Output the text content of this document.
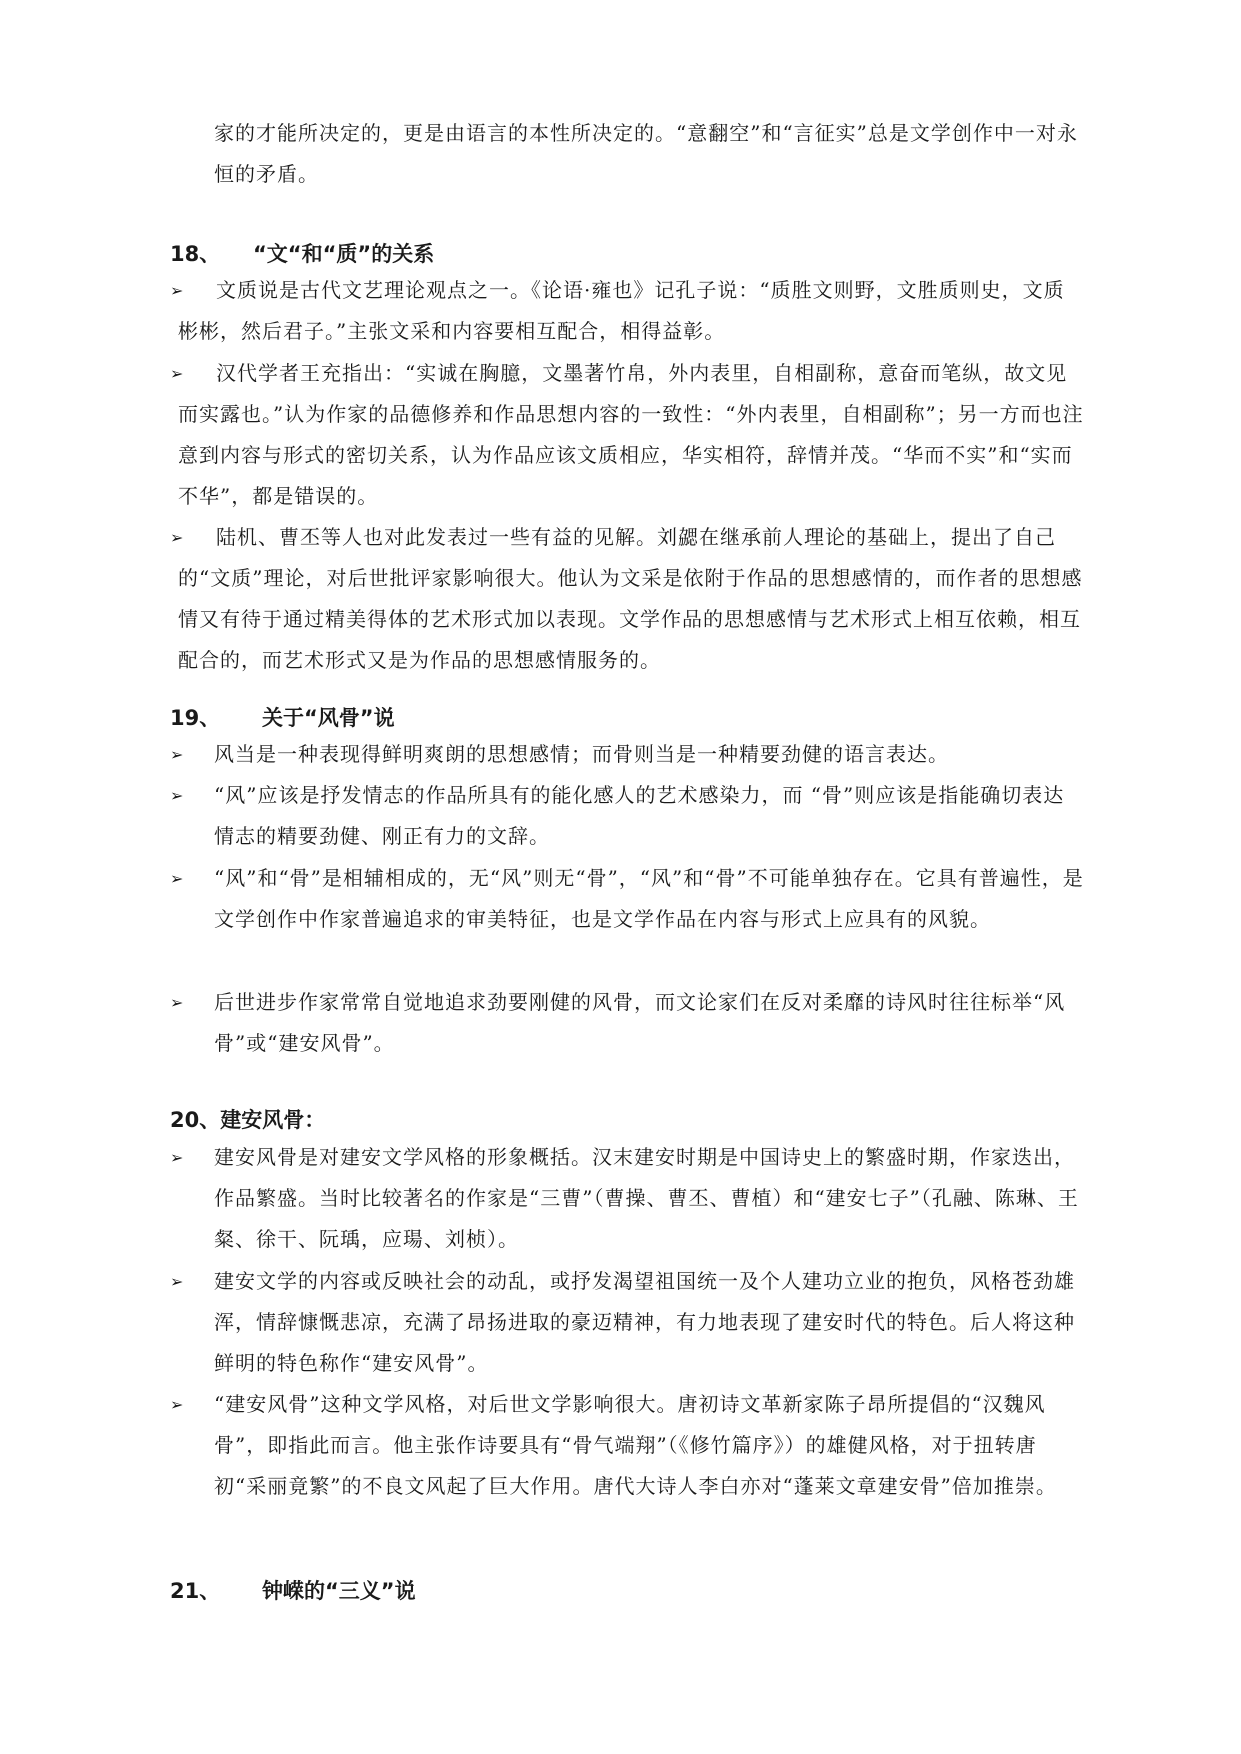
家的才能所决定的，更是由语言的本性所决定的。“意翻空”和“言征实”总是文学创作中一对永恒的矛盾。

18、 “文“和“质”的关系
➢	文质说是古代文艺理论观点之一。《论语·雍也》记孔子说：“质胜文则野，文胜质则史，文质彬彬，然后君子。”主张文采和内容要相互配合，相得益彰。
➢	汉代学者王充指出：“实诚在胸臆，文墨著竹帛，外内表里，自相副称，意奋而笔纵，故文见而实露也。”认为作家的品德修养和作品思想内容的一致性：“外内表里，自相副称”；另一方而也注意到内容与形式的密切关系，认为作品应该文质相应，华实相符，辞情并茂。“华而不实”和“实而不华”，都是错误的。
➢	陆机、曹丕等人也对此发表过一些有益的见解。刘勰在继承前人理论的基础上，提出了自己的“文质”理论，对后世批评家影响很大。他认为文采是依附于作品的思想感情的，而作者的思想感情又有待于通过精美得体的艺术形式加以表现。文学作品的思想感情与艺术形式上相互依赖，相互配合的，而艺术形式又是为作品的思想感情服务的。
19、 关于“风骨”说
➢ 风当是一种表现得鲜明爽朗的思想感情；而骨则当是一种精要劲健的语言表达。
➢ “风”应该是抒发情志的作品所具有的能化感人的艺术感染力，而 “骨”则应该是指能确切表达情志的精要劲健、刚正有力的文辞。
➢ “风”和“骨”是相辅相成的，无“风”则无“骨”，“风”和“骨”不可能单独存在。它具有普遍性，是文学创作中作家普遍追求的审美特征，也是文学作品在内容与形式上应具有的风貌。
➢ 后世进步作家常常自觉地追求劲要刚健的风骨，而文论家们在反对柔靡的诗风时往往标举“风骨”或“建安风骨”。
20、建安风骨：
➢ 建安风骨是对建安文学风格的形象概括。汉末建安时期是中国诗史上的繁盛时期，作家迭出，作品繁盛。当时比较著名的作家是“三曹”（曹操、曹丕、曹植）和“建安七子”（孔融、陈琳、王粲、徐干、阮瑀，应瑒、刘桢）。
➢ 建安文学的内容或反映社会的动乱，或抒发渴望祖国统一及个人建功立业的抱负，风格苍劲雄浑，情辞慷慨悲凉，充满了昂扬进取的豪迈精神，有力地表现了建安时代的特色。后人将这种鲜明的特色称作“建安风骨”。
➢ “建安风骨”这种文学风格，对后世文学影响很大。唐初诗文革新家陈子昂所提倡的“汉魏风骨”，即指此而言。他主张作诗要具有“骨气端翔”（《修竹篇序》）的雄健风格，对于扭转唐初“采丽竟繁”的不良文风起了巨大作用。唐代大诗人李白亦对“蓬莱文章建安骨”倍加推崇。
21、 钟嵘的“三义”说
